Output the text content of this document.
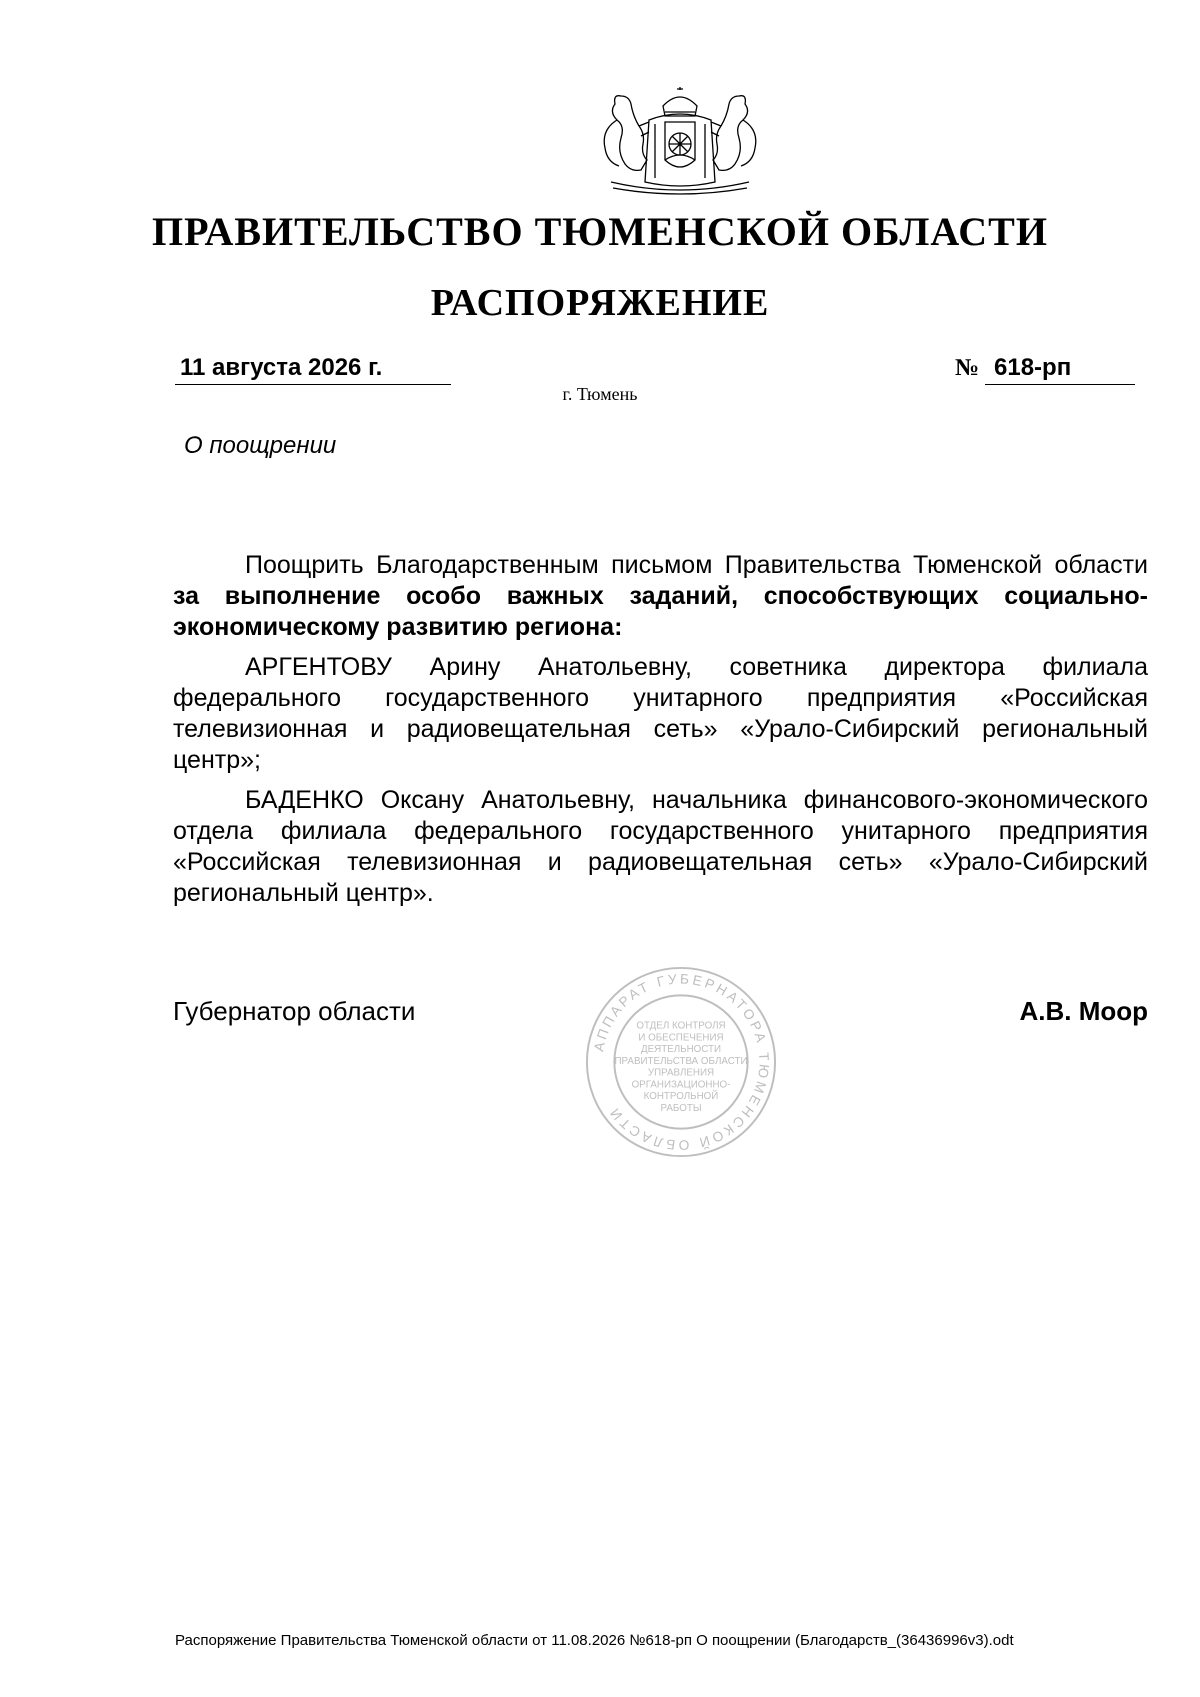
ПРАВИТЕЛЬСТВО ТЮМЕНСКОЙ ОБЛАСТИ
РАСПОРЯЖЕНИЕ
11 августа 2026 г.	№ 618-рп
г. Тюмень
О поощрении

Поощрить Благодарственным письмом Правительства Тюменской области за выполнение особо важных заданий, способствующих социально-экономическому развитию региона:

АРГЕНТОВУ Арину Анатольевну, советника директора филиала федерального государственного унитарного предприятия «Российская телевизионная и радиовещательная сеть» «Урало-Сибирский региональный центр»;

БАДЕНКО Оксану Анатольевну, начальника финансового-экономического отдела филиала федерального государственного унитарного предприятия «Российская телевизионная и радиовещательная сеть» «Урало-Сибирский региональный центр».

Губернатор области	А.В. Моор
АППАРАТ ГУБЕРНАТОРА ТЮМЕНСКОЙ ОБЛАСТИ
ОТДЕЛ КОНТРОЛЯ
И ОБЕСПЕЧЕНИЯ
ДЕЯТЕЛЬНОСТИ
ПРАВИТЕЛЬСТВА ОБЛАСТИ
УПРАВЛЕНИЯ
ОРГАНИЗАЦИОННО-
КОНТРОЛЬНОЙ
РАБОТЫ
Распоряжение Правительства Тюменской области от 11.08.2026 №618-рп О поощрении (Благодарств_(36436996v3).odt
